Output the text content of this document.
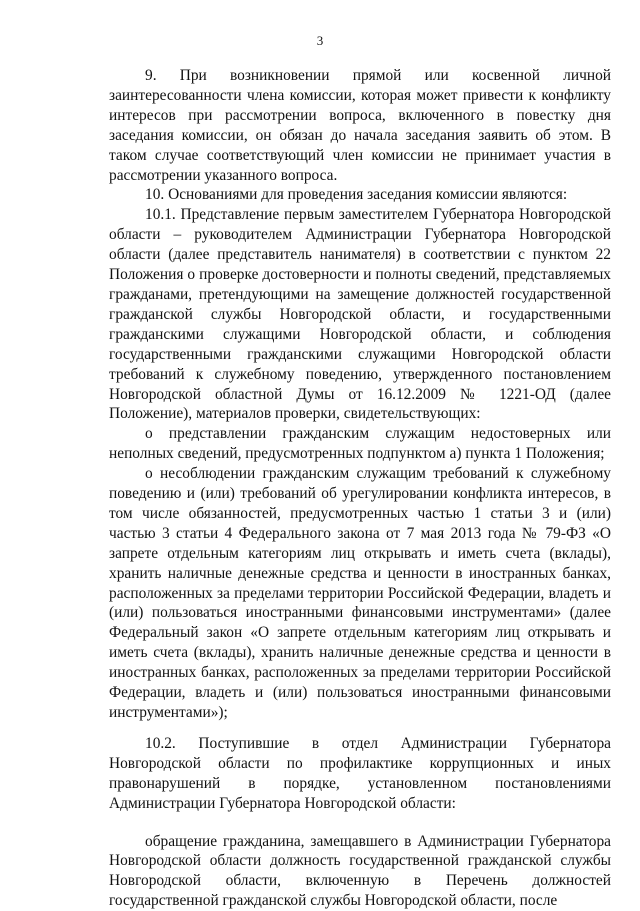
3

9. При возникновении прямой или косвенной личной заинтересованности члена комиссии, которая может привести к конфликту интересов при рассмотрении вопроса, включенного в повестку дня заседания комиссии, он обязан до начала заседания заявить об этом. В таком случае соответствующий член комиссии не принимает участия в рассмотрении указанного вопроса.

10. Основаниями для проведения заседания комиссии являются:

10.1. Представление первым заместителем Губернатора Новгородской области – руководителем Администрации Губернатора Новгородской области (далее представитель нанимателя) в соответствии с пунктом 22 Положения о проверке достоверности и полноты сведений, представляемых гражданами, претендующими на замещение должностей государственной гражданской службы Новгородской области, и государственными гражданскими служащими Новгородской области, и соблюдения государственными гражданскими служащими Новгородской области требований к служебному поведению, утвержденного постановлением Новгородской областной Думы от 16.12.2009 № 1221-ОД (далее Положение), материалов проверки, свидетельствующих:

о представлении гражданским служащим недостоверных или неполных сведений, предусмотренных подпунктом а) пункта 1 Положения;

о несоблюдении гражданским служащим требований к служебному поведению и (или) требований об урегулировании конфликта интересов, в том числе обязанностей, предусмотренных частью 1 статьи 3 и (или) частью 3 статьи 4 Федерального закона от 7 мая 2013 года № 79-ФЗ «О запрете отдельным категориям лиц открывать и иметь счета (вклады), хранить наличные денежные средства и ценности в иностранных банках, расположенных за пределами территории Российской Федерации, владеть и (или) пользоваться иностранными финансовыми инструментами» (далее Федеральный закон «О запрете отдельным категориям лиц открывать и иметь счета (вклады), хранить наличные денежные средства и ценности в иностранных банках, расположенных за пределами территории Российской Федерации, владеть и (или) пользоваться иностранными финансовыми инструментами»);

10.2. Поступившие в отдел Администрации Губернатора Новгородской области по профилактике коррупционных и иных правонарушений в порядке, установленном постановлениями Администрации Губернатора Новгородской области:

обращение гражданина, замещавшего в Администрации Губернатора Новгородской области должность государственной гражданской службы Новгородской области, включенную в Перечень должностей государственной гражданской службы Новгородской области, после
